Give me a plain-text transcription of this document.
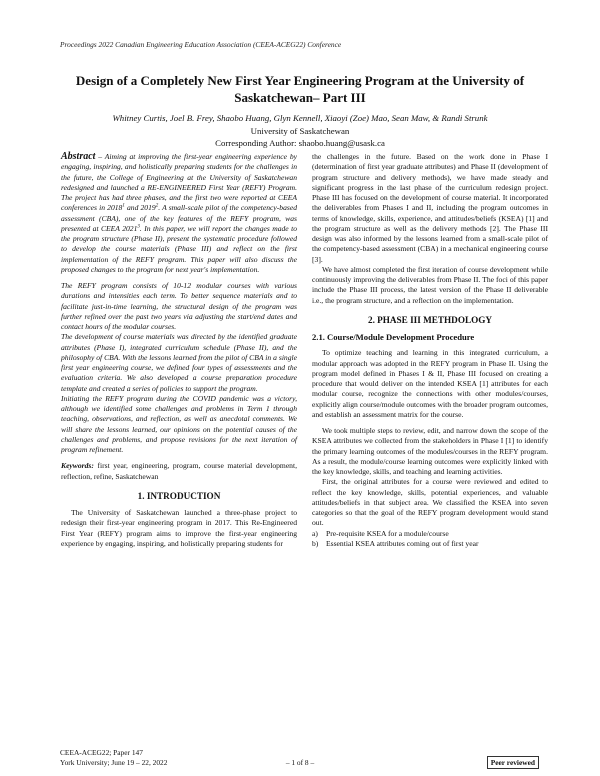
Proceedings 2022 Canadian Engineering Education Association (CEEA-ACEG22) Conference
Design of a Completely New First Year Engineering Program at the University of
Saskatchewan– Part III
Whitney Curtis, Joel B. Frey, Shaobo Huang, Glyn Kennell, Xiaoyi (Zoe) Mao, Sean Maw, & Randi Strunk
University of Saskatchewan
Corresponding Author: shaobo.huang@usask.ca

Abstract – Aiming at improving the first-year engineering experience by engaging, inspiring, and holistically preparing students for the challenges in the future, the College of Engineering at the University of Saskatchewan redesigned and launched a RE-ENGINEERED First Year (REFY) Program. The project has had three phases, and the first two were reported at CEEA conferences in 2018$^1$ and 2019$^2$. A small-scale pilot of the competency-based assessment (CBA), one of the key features of the REFY program, was presented at CEEA 2021$^3$. In this paper, we will report the changes made to the program structure (Phase II), present the systematic procedure followed to develop the course materials (Phase III) and reflect on the first implementation of the REFY program. This paper will also discuss the proposed changes to the program for next year's implementation.

The REFY program consists of 10-12 modular courses with various durations and intensities each term. To better sequence materials and to facilitate just-in-time learning, the structural design of the program was further refined over the past two years via adjusting the start/end dates and contact hours of the modular courses.

The development of course materials was directed by the identified graduate attributes (Phase I), integrated curriculum schedule (Phase II), and the philosophy of CBA. With the lessons learned from the pilot of CBA in a single first year engineering course, we defined four types of assessments and the evaluation criteria. We also developed a course preparation procedure template and created a series of policies to support the program.

Initiating the REFY program during the COVID pandemic was a victory, although we identified some challenges and problems in Term 1 through teaching, observations, and reflection, as well as anecdotal comments. We will share the lessons learned, our opinions on the potential causes of the challenges and problems, and propose revisions for the next iteration of program refinement.

Keywords: first year, engineering, program, course material development, reflection, refine, Saskatchewan

1. INTRODUCTION

The University of Saskatchewan launched a three-phase project to redesign their first-year engineering program in 2017. This Re-Engineered First Year (REFY) program aims to improve the first-year engineering experience by engaging, inspiring, and holistically preparing students for

the challenges in the future. Based on the work done in Phase I (determination of first year graduate attributes) and Phase II (development of program structure and delivery methods), we have made steady and significant progress in the last phase of the curriculum redesign project. Phase III has focused on the development of course material. It incorporated the deliverables from Phases I and II, including the program outcomes in terms of knowledge, skills, experience, and attitudes/beliefs (KSEA) [1] and the program structure as well as the delivery methods [2]. The Phase III design was also informed by the lessons learned from a small-scale pilot of the competency-based assessment (CBA) in a mechanical engineering course [3].

We have almost completed the first iteration of course development while continuously improving the deliverables from Phase II. The foci of this paper include the Phase III process, the latest version of the Phase II deliverable i.e., the program structure, and a reflection on the implementation.

2. PHASE III METHDOLOGY
2.1. Course/Module Development Procedure

To optimize teaching and learning in this integrated curriculum, a modular approach was adopted in the REFY program in Phase II. Using the program model defined in Phases I & II, Phase III focused on creating a procedure that would deliver on the intended KSEA [1] attributes for each modular course, recognize the connections with other modules/courses, explicitly align course/module outcomes with the broader program outcomes, and establish an assessment matrix for the course.

We took multiple steps to review, edit, and narrow down the scope of the KSEA attributes we collected from the stakeholders in Phase I [1] to identify the primary learning outcomes of the modules/courses in the REFY program. As a result, the module/course learning outcomes were explicitly linked with the key knowledge, skills, and teaching and learning activities.

First, the original attributes for a course were reviewed and edited to reflect the key knowledge, skills, potential experiences, and valuable attitudes/beliefs in that subject area. We classified the KSEA into seven categories so that the goal of the REFY program development would stand out.

a)	Pre-requisite KSEA for a module/course
b)	Essential KSEA attributes coming out of first year
CEEA-ACEG22; Paper 147
York University; June 19 – 22, 2022	– 1 of 8 –	Peer reviewed
